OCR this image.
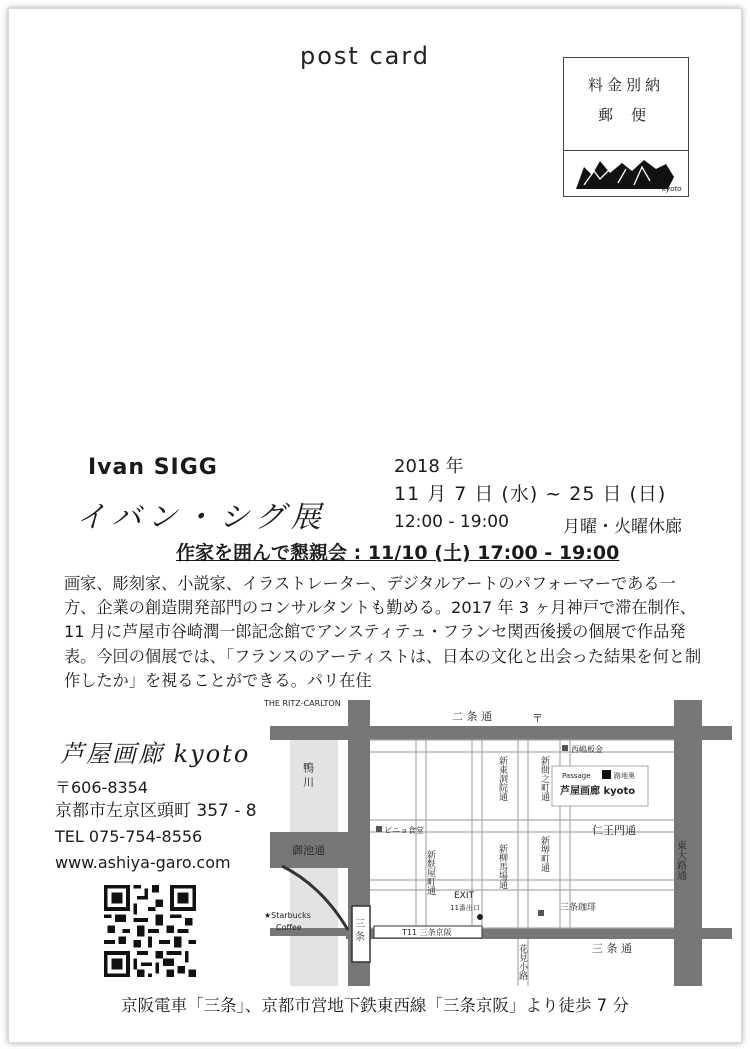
post card
料金別納
郵便
kyoto
Ivan SIGG
イバン・シグ展
2018 年
11 月 7 日 (水) ~ 25 日 (日)
12:00 - 19:00	月曜・火曜休廊
作家を囲んで懇親会 : 11/10 (土) 17:00 - 19:00
画家、彫刻家、小説家、イラストレーター、デジタルアートのパフォーマーである一方、企業の創造開発部門のコンサルタントも勤める。2017 年 3 ヶ月神戸で滞在制作、11 月に芦屋市谷崎潤一郎記念館でアンスティテュ・フランセ関西後援の個展で作品発表。今回の個展では、「フランスのアーティストは、日本の文化と出会った結果を何と制作したか」を視ることができる。パリ在住
芦屋画廊 kyoto
〒606-8354
京都市左京区頭町 357 - 8
TEL 075-754-8556
www.ashiya-garo.com
THE RITZ-CARLTON
二 条 通	〒
鴨 川
御池通
★Starbucks
Coffee	三 条	T11 三条京阪
EXIT
11番出口
西嶋板金
Passage	路地奥
芦屋画廊 kyoto
ピニョ食堂	仁王門通
東大路通
三条珈琲
三 条 通
花見小路
新東洞院通	新間之町通
新堺町通
新柳馬場通
新麩屋町通
京阪電車「三条」、京都市営地下鉄東西線「三条京阪」より徒歩 7 分
